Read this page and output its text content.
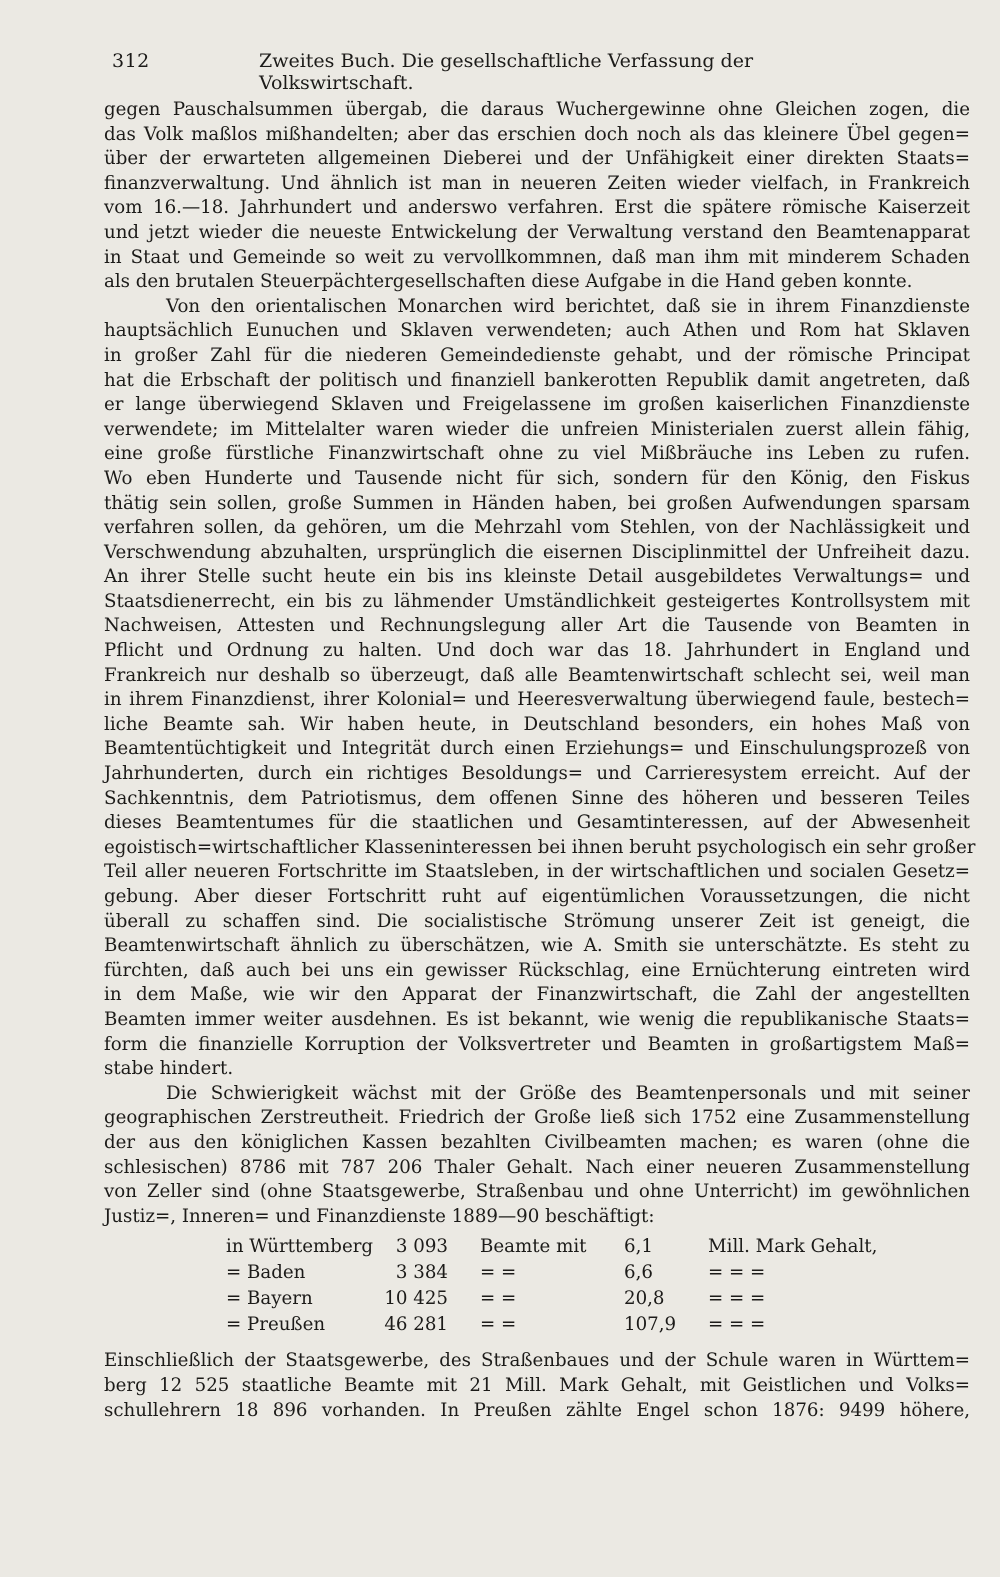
312	Zweites Buch. Die gesellschaftliche Verfassung der Volkswirtschaft.
gegen Pauschalsummen übergab, die daraus Wuchergewinne ohne Gleichen zogen, die
das Volk maßlos mißhandelten; aber das erschien doch noch als das kleinere Übel gegen=
über der erwarteten allgemeinen Dieberei und der Unfähigkeit einer direkten Staats=
finanzverwaltung. Und ähnlich ist man in neueren Zeiten wieder vielfach, in Frankreich
vom 16.—18. Jahrhundert und anderswo verfahren. Erst die spätere römische Kaiserzeit
und jetzt wieder die neueste Entwickelung der Verwaltung verstand den Beamtenapparat
in Staat und Gemeinde so weit zu vervollkommnen, daß man ihm mit minderem Schaden
als den brutalen Steuerpächtergesellschaften diese Aufgabe in die Hand geben konnte.
Von den orientalischen Monarchen wird berichtet, daß sie in ihrem Finanzdienste
hauptsächlich Eunuchen und Sklaven verwendeten; auch Athen und Rom hat Sklaven
in großer Zahl für die niederen Gemeindedienste gehabt, und der römische Principat
hat die Erbschaft der politisch und finanziell bankerotten Republik damit angetreten, daß
er lange überwiegend Sklaven und Freigelassene im großen kaiserlichen Finanzdienste
verwendete; im Mittelalter waren wieder die unfreien Ministerialen zuerst allein fähig,
eine große fürstliche Finanzwirtschaft ohne zu viel Mißbräuche ins Leben zu rufen.
Wo eben Hunderte und Tausende nicht für sich, sondern für den König, den Fiskus
thätig sein sollen, große Summen in Händen haben, bei großen Aufwendungen sparsam
verfahren sollen, da gehören, um die Mehrzahl vom Stehlen, von der Nachlässigkeit und
Verschwendung abzuhalten, ursprünglich die eisernen Disciplinmittel der Unfreiheit dazu.
An ihrer Stelle sucht heute ein bis ins kleinste Detail ausgebildetes Verwaltungs= und
Staatsdienerrecht, ein bis zu lähmender Umständlichkeit gesteigertes Kontrollsystem mit
Nachweisen, Attesten und Rechnungslegung aller Art die Tausende von Beamten in
Pflicht und Ordnung zu halten. Und doch war das 18. Jahrhundert in England und
Frankreich nur deshalb so überzeugt, daß alle Beamtenwirtschaft schlecht sei, weil man
in ihrem Finanzdienst, ihrer Kolonial= und Heeresverwaltung überwiegend faule, bestech=
liche Beamte sah. Wir haben heute, in Deutschland besonders, ein hohes Maß von
Beamtentüchtigkeit und Integrität durch einen Erziehungs= und Einschulungsprozeß von
Jahrhunderten, durch ein richtiges Besoldungs= und Carrieresystem erreicht. Auf der
Sachkenntnis, dem Patriotismus, dem offenen Sinne des höheren und besseren Teiles
dieses Beamtentumes für die staatlichen und Gesamtinteressen, auf der Abwesenheit
egoistisch=wirtschaftlicher Klasseninteressen bei ihnen beruht psychologisch ein sehr großer
Teil aller neueren Fortschritte im Staatsleben, in der wirtschaftlichen und socialen Gesetz=
gebung. Aber dieser Fortschritt ruht auf eigentümlichen Voraussetzungen, die nicht
überall zu schaffen sind. Die socialistische Strömung unserer Zeit ist geneigt, die
Beamtenwirtschaft ähnlich zu überschätzen, wie A. Smith sie unterschätzte. Es steht zu
fürchten, daß auch bei uns ein gewisser Rückschlag, eine Ernüchterung eintreten wird
in dem Maße, wie wir den Apparat der Finanzwirtschaft, die Zahl der angestellten
Beamten immer weiter ausdehnen. Es ist bekannt, wie wenig die republikanische Staats=
form die finanzielle Korruption der Volksvertreter und Beamten in großartigstem Maß=
stabe hindert.
Die Schwierigkeit wächst mit der Größe des Beamtenpersonals und mit seiner
geographischen Zerstreutheit. Friedrich der Große ließ sich 1752 eine Zusammenstellung
der aus den königlichen Kassen bezahlten Civilbeamten machen; es waren (ohne die
schlesischen) 8786 mit 787 206 Thaler Gehalt. Nach einer neueren Zusammenstellung
von Zeller sind (ohne Staatsgewerbe, Straßenbau und ohne Unterricht) im gewöhnlichen
Justiz=, Inneren= und Finanzdienste 1889—90 beschäftigt:
in Württemberg	3 093 Beamte mit 6,1	Mill. Mark Gehalt,
= Baden	3 384 = =	6,6	= = =
= Bayern	10 425 = =	20,8	= = =
= Preußen	46 281 = =	107,9	= = =
Einschließlich der Staatsgewerbe, des Straßenbaues und der Schule waren in Württem=
berg 12 525 staatliche Beamte mit 21 Mill. Mark Gehalt, mit Geistlichen und Volks=
schullehrern 18 896 vorhanden. In Preußen zählte Engel schon 1876: 9499 höhere,
